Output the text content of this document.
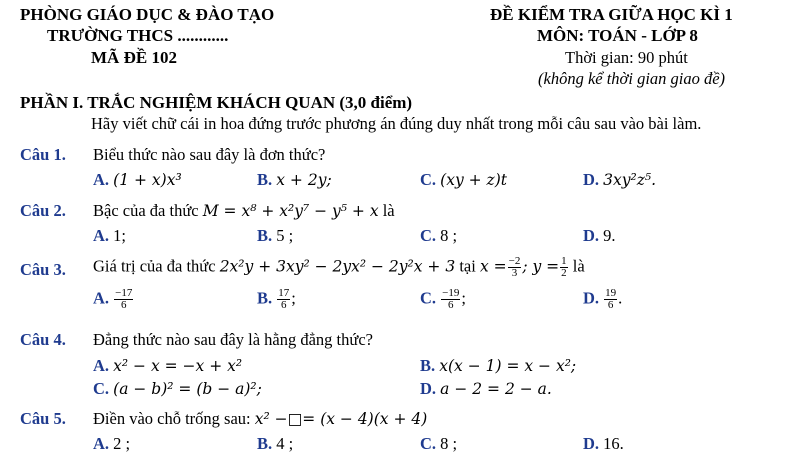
PHÒNG GIÁO DỤC & ĐÀO TẠO
TRƯỜNG THCS ............
MÃ ĐỀ 102
ĐỀ KIỂM TRA GIỮA HỌC KÌ 1
MÔN: TOÁN - LỚP 8
Thời gian: 90 phút
(không kể thời gian giao đề)
PHẦN I. TRẮC NGHIỆM KHÁCH QUAN (3,0 điểm)
Hãy viết chữ cái in hoa đứng trước phương án đúng duy nhất trong mỗi câu sau vào bài làm.
Câu 1. Biểu thức nào sau đây là đơn thức?
A. (1 + x)x³	B. x + 2y;	C. (xy + z)t	D. 3xy²z⁵.
Câu 2. Bậc của đa thức M = x⁸ + x²y⁷ − y⁵ + x là
A. 1;	B. 5 ;	C. 8 ;	D. 9.
Câu 3. Giá trị của đa thức 2x²y + 3xy² − 2yx² − 2y²x + 3 tại $x = \frac{-2}{3}$ ; $y = \frac{1}{2}$ là
A. $\frac{-17}{6}$	B. $\frac{17}{6}$ ;	C. $\frac{-19}{6}$ ;	D. $\frac{19}{6}$ .
Câu 4. Đẳng thức nào sau đây là hằng đẳng thức?
A. x² − x = −x + x²	B. x(x − 1) = x − x²;
C. (a − b)² = (b − a)²;	D. a − 2 = 2 − a.
Câu 5. Điền vào chỗ trống sau: x² −□= (x − 4)(x + 4)
A. 2 ;	B. 4 ;	C. 8 ;	D. 16.
